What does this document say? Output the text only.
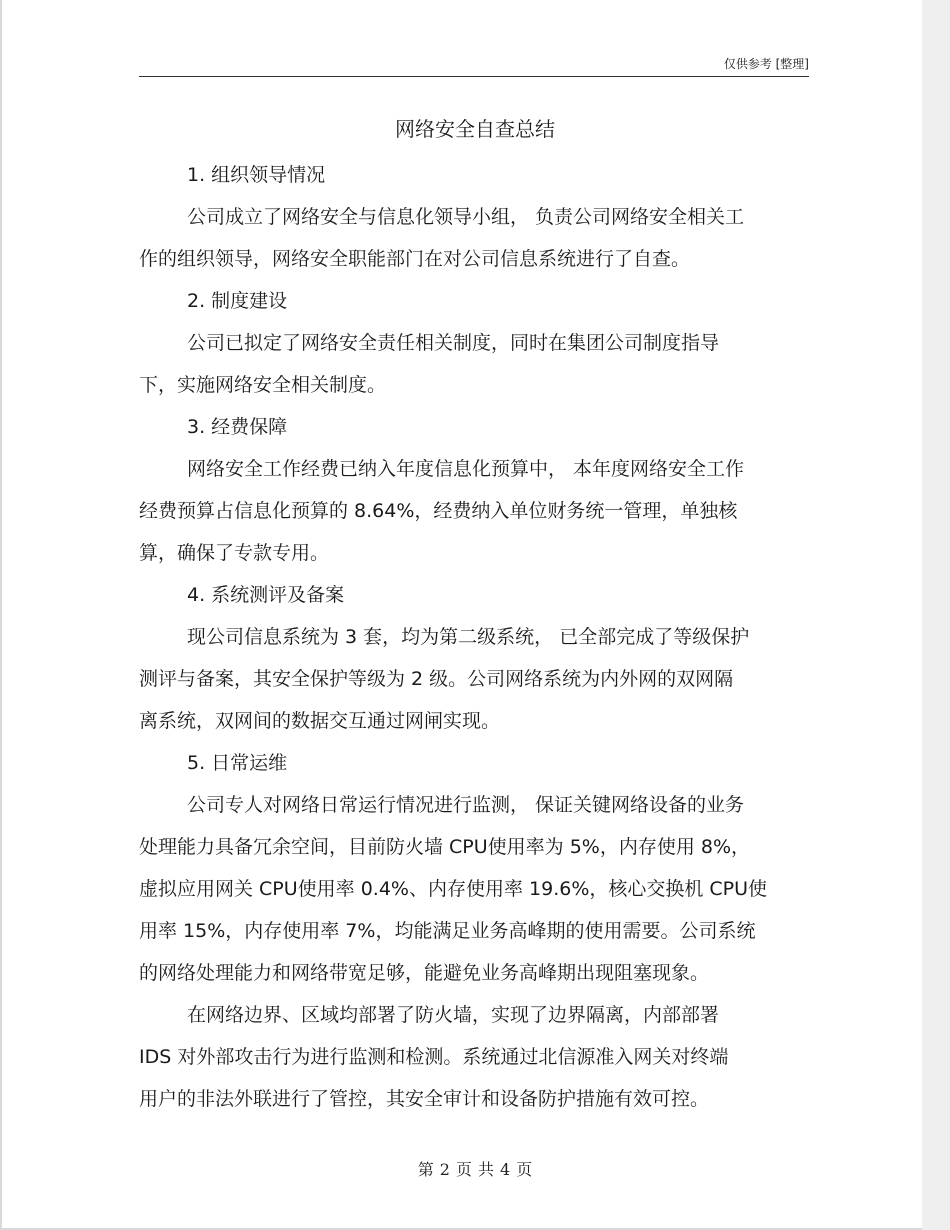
仅供参考 [整理]
网络安全自查总结
1. 组织领导情况

公司成立了网络安全与信息化领导小组， 负责公司网络安全相关工
作的组织领导，网络安全职能部门在对公司信息系统进行了自查。

2. 制度建设

公司已拟定了网络安全责任相关制度，同时在集团公司制度指导
下，实施网络安全相关制度。

3. 经费保障

网络安全工作经费已纳入年度信息化预算中， 本年度网络安全工作
经费预算占信息化预算的 8.64%，经费纳入单位财务统一管理，单独核
算，确保了专款专用。

4. 系统测评及备案

现公司信息系统为 3 套，均为第二级系统， 已全部完成了等级保护
测评与备案，其安全保护等级为 2 级。公司网络系统为内外网的双网隔
离系统，双网间的数据交互通过网闸实现。

5. 日常运维

公司专人对网络日常运行情况进行监测， 保证关键网络设备的业务
处理能力具备冗余空间，目前防火墙 CPU使用率为 5%，内存使用 8%，
虚拟应用网关 CPU使用率 0.4%、内存使用率 19.6%，核心交换机 CPU使
用率 15%，内存使用率 7%，均能满足业务高峰期的使用需要。公司系统
的网络处理能力和网络带宽足够，能避免业务高峰期出现阻塞现象。

在网络边界、区域均部署了防火墙，实现了边界隔离，内部部署
IDS 对外部攻击行为进行监测和检测。系统通过北信源准入网关对终端
用户的非法外联进行了管控，其安全审计和设备防护措施有效可控。

第 2 页 共 4 页
